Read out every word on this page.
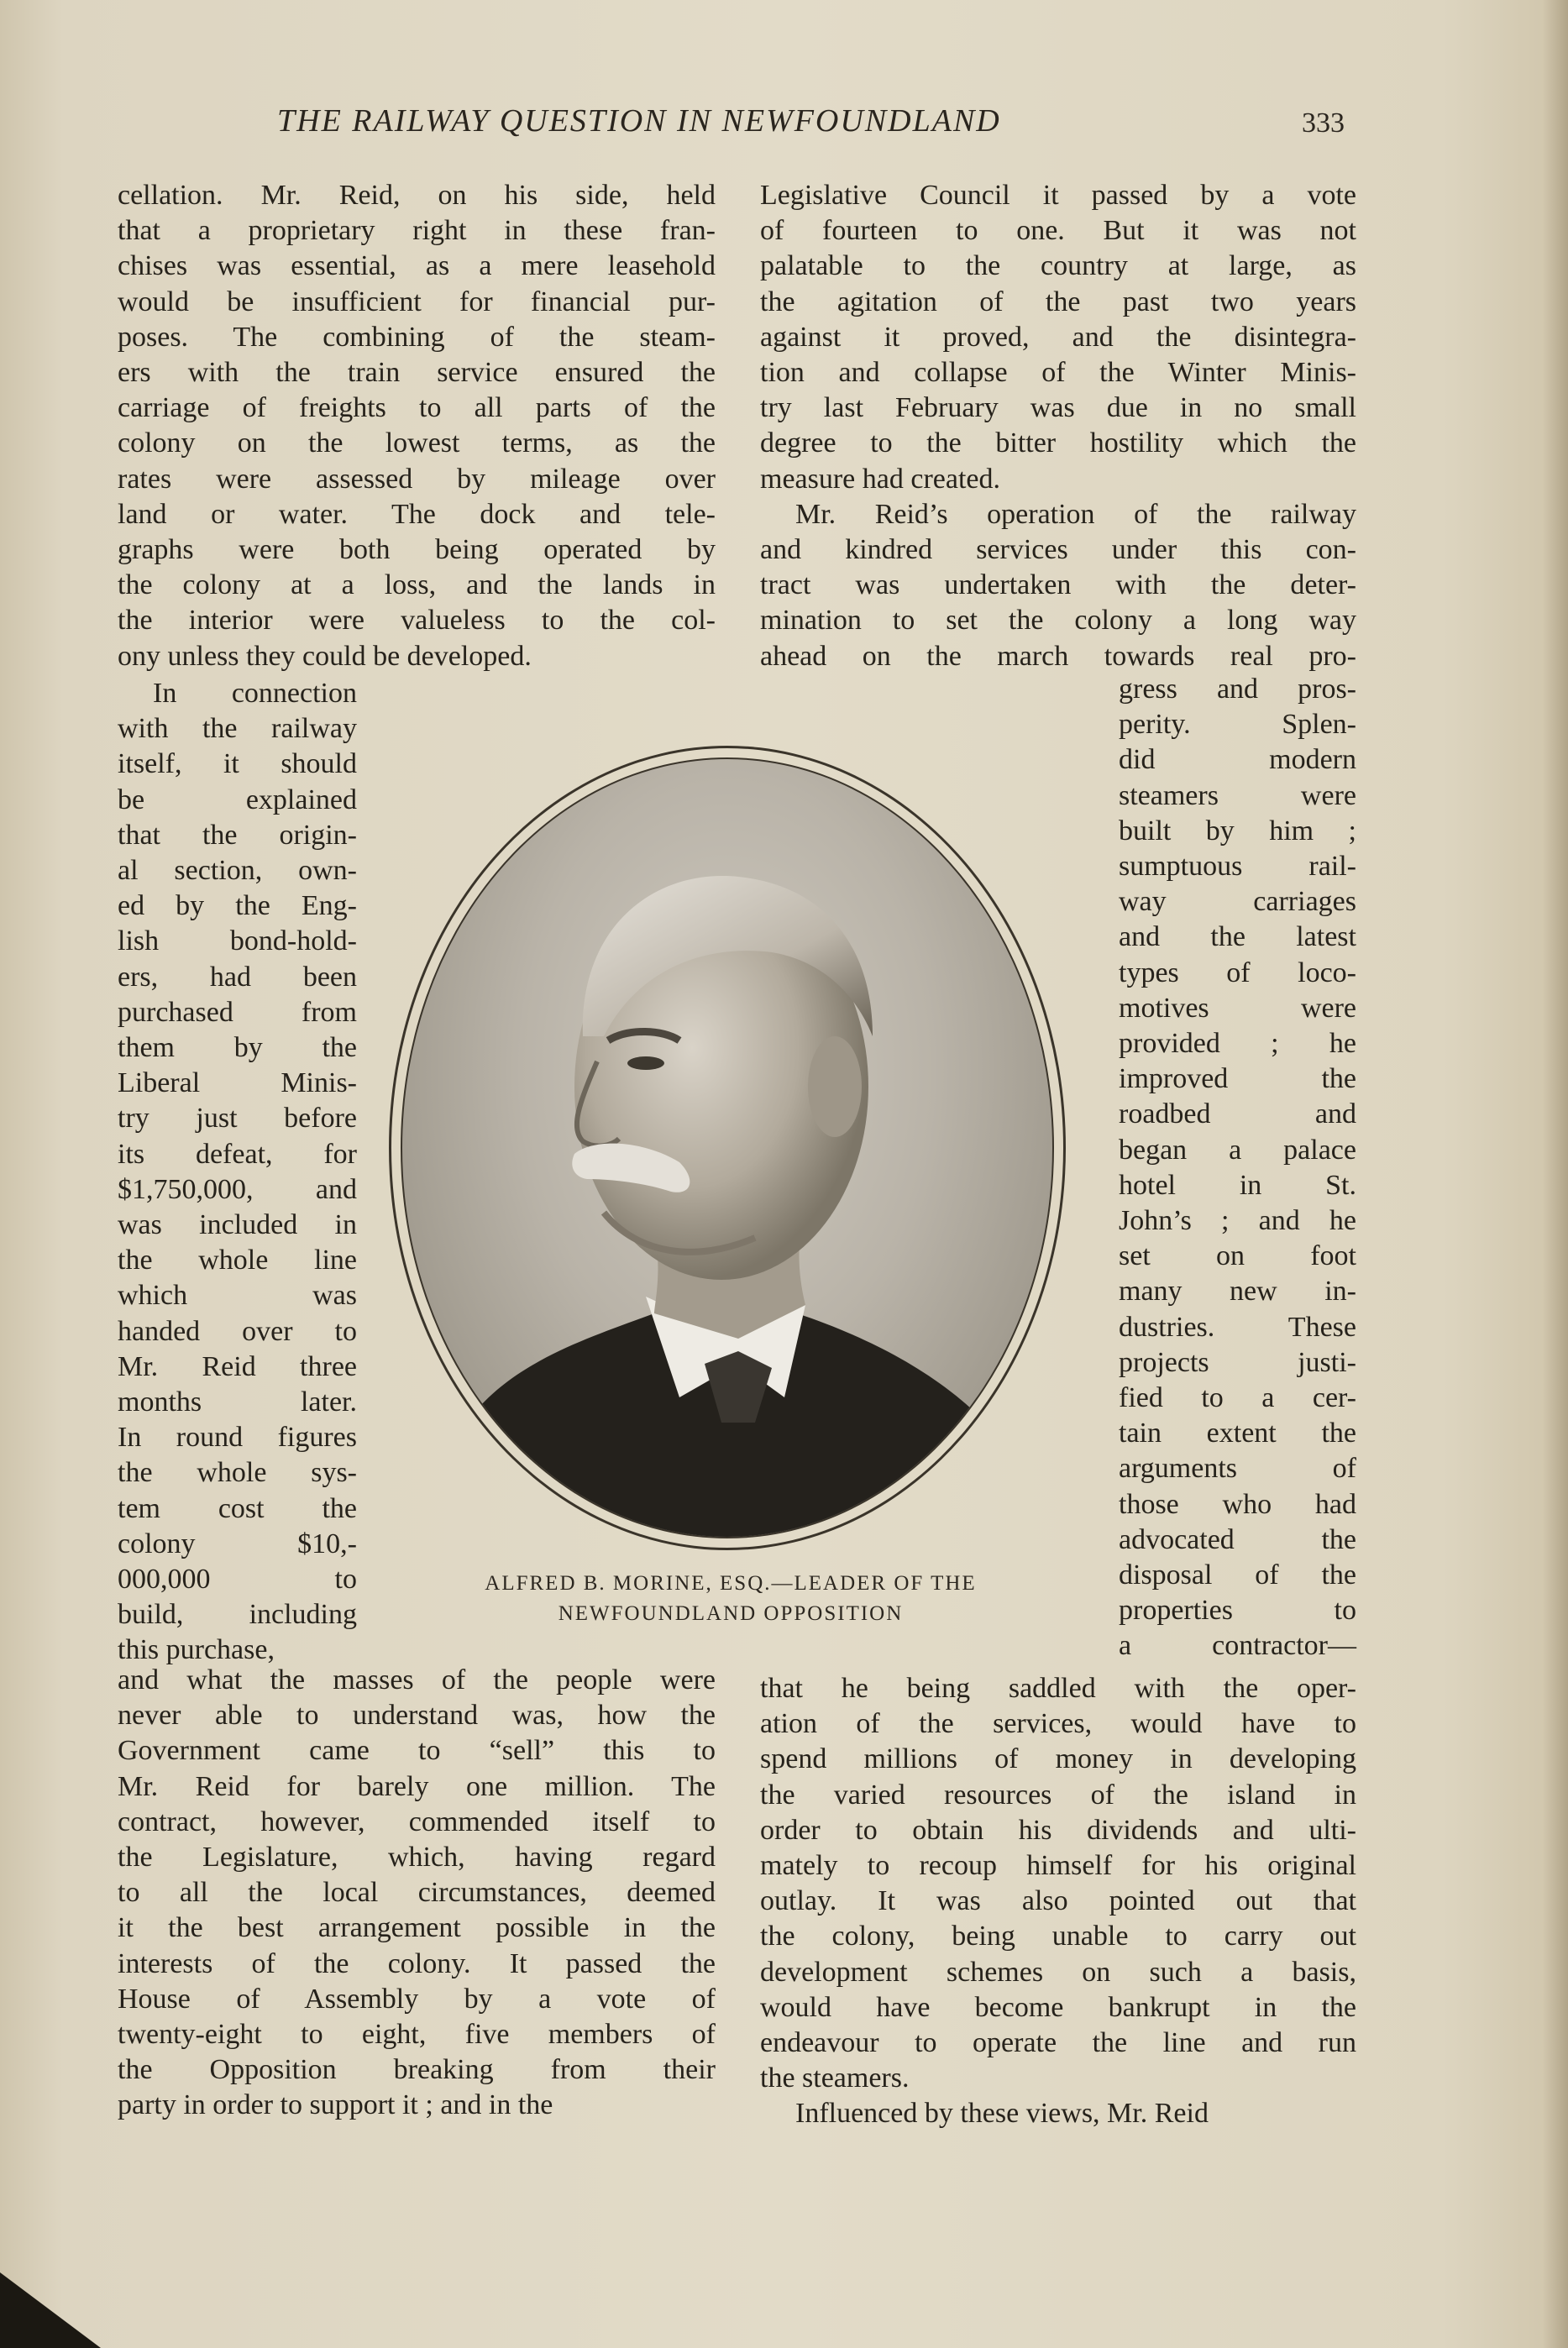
THE RAILWAY QUESTION IN NEWFOUNDLAND	333
cellation. Mr. Reid, on his side, held
that a proprietary right in these fran-
chises was essential, as a mere leasehold
would be insufficient for financial pur-
poses. The combining of the steam-
ers with the train service ensured the
carriage of freights to all parts of the
colony on the lowest terms, as the
rates were assessed by mileage over
land or water. The dock and tele-
graphs were both being operated by
the colony at a loss, and the lands in
the interior were valueless to the col-
ony unless they could be developed.
In connection
with the railway
itself, it should
be explained
that the origin-
al section, own-
ed by the Eng-
lish bond-hold-
ers, had been
purchased from
them by the
Liberal Minis-
try just before
its defeat, for
$1,750,000, and
was included in
the whole line
which was
handed over to
Mr. Reid three
months later.
In round figures
the whole sys-
tem cost the
colony $10,-
000,000 to
build, including
this purchase,
and what the masses of the people were
never able to understand was, how the
Government came to “sell” this to
Mr. Reid for barely one million. The
contract, however, commended itself to
the Legislature, which, having regard
to all the local circumstances, deemed
it the best arrangement possible in the
interests of the colony. It passed the
House of Assembly by a vote of
twenty-eight to eight, five members of
the Opposition breaking from their
party in order to support it ; and in the
Legislative Council it passed by a vote
of fourteen to one. But it was not
palatable to the country at large, as
the agitation of the past two years
against it proved, and the disintegra-
tion and collapse of the Winter Minis-
try last February was due in no small
degree to the bitter hostility which the
measure had created.
Mr. Reid’s operation of the railway
and kindred services under this con-
tract was undertaken with the deter-
mination to set the colony a long way
ahead on the march towards real pro-
gress and pros-
perity. Splen-
did modern
steamers were
built by him ;
sumptuous rail-
way carriages
and the latest
types of loco-
motives were
provided ; he
improved the
roadbed and
began a palace
hotel in St.
John’s ; and he
set on foot
many new in-
dustries. These
projects justi-
fied to a cer-
tain extent the
arguments of
those who had
advocated the
disposal of the
properties to
a contractor—
that he being saddled with the oper-
ation of the services, would have to
spend millions of money in developing
the varied resources of the island in
order to obtain his dividends and ulti-
mately to recoup himself for his original
outlay. It was also pointed out that
the colony, being unable to carry out
development schemes on such a basis,
would have become bankrupt in the
endeavour to operate the line and run
the steamers.
Influenced by these views, Mr. Reid
ALFRED B. MORINE, ESQ.—LEADER OF THE
NEWFOUNDLAND OPPOSITION
